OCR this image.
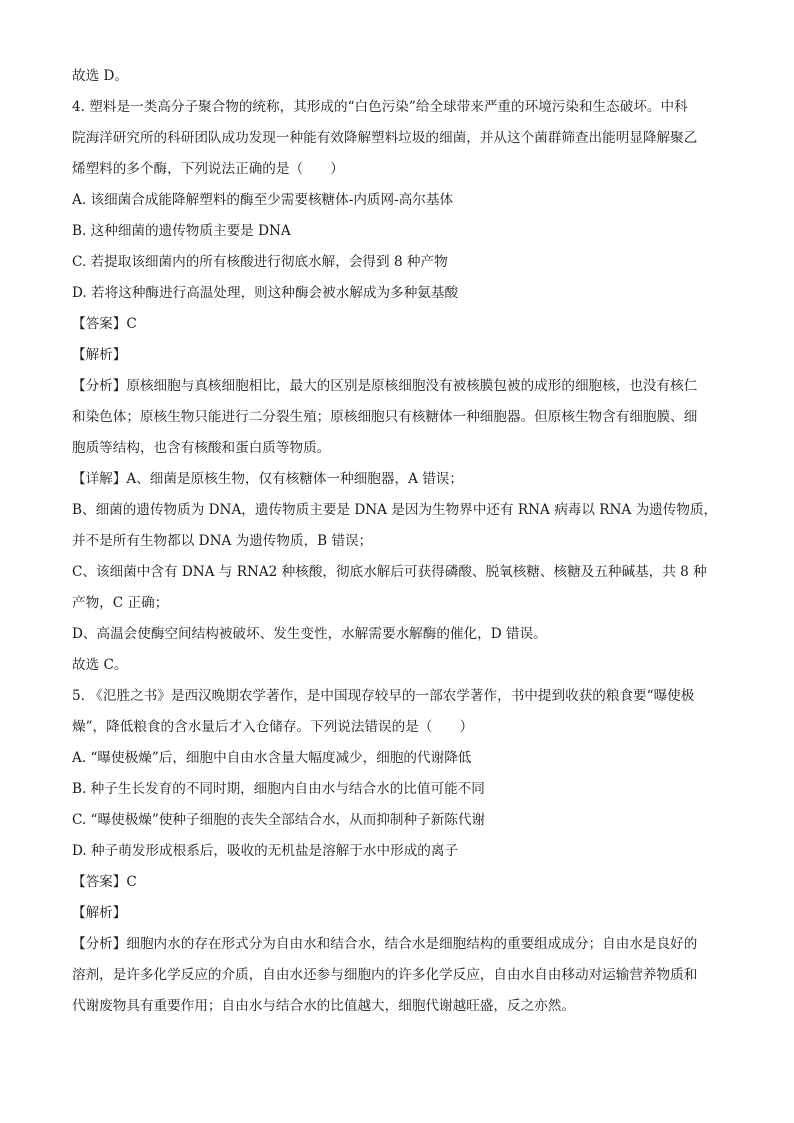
故选 D。
4. 塑料是一类高分子聚合物的统称，其形成的“白色污染”给全球带来严重的环境污染和生态破坏。中科
院海洋研究所的科研团队成功发现一种能有效降解塑料垃圾的细菌，并从这个菌群筛查出能明显降解聚乙
烯塑料的多个酶，下列说法正确的是（　　）
A. 该细菌合成能降解塑料的酶至少需要核糖体-内质网-高尔基体
B. 这种细菌的遗传物质主要是 DNA
C. 若提取该细菌内的所有核酸进行彻底水解，会得到 8 种产物
D. 若将这种酶进行高温处理，则这种酶会被水解成为多种氨基酸
【答案】C
【解析】
【分析】原核细胞与真核细胞相比，最大的区别是原核细胞没有被核膜包被的成形的细胞核，也没有核仁
和染色体；原核生物只能进行二分裂生殖；原核细胞只有核糖体一种细胞器。但原核生物含有细胞膜、细
胞质等结构，也含有核酸和蛋白质等物质。
【详解】A、细菌是原核生物，仅有核糖体一种细胞器，A 错误；
B、细菌的遗传物质为 DNA，遗传物质主要是 DNA 是因为生物界中还有 RNA 病毒以 RNA 为遗传物质，
并不是所有生物都以 DNA 为遗传物质，B 错误；
C、该细菌中含有 DNA 与 RNA2 种核酸，彻底水解后可获得磷酸、脱氧核糖、核糖及五种碱基，共 8 种
产物，C 正确；
D、高温会使酶空间结构被破坏、发生变性，水解需要水解酶的催化，D 错误。
故选 C。
5. 《氾胜之书》是西汉晚期农学著作，是中国现存较早的一部农学著作，书中提到收获的粮食要“曝使极
燥”，降低粮食的含水量后才入仓储存。下列说法错误的是（　　）
A. “曝使极燥”后，细胞中自由水含量大幅度减少，细胞的代谢降低
B. 种子生长发育的不同时期，细胞内自由水与结合水的比值可能不同
C. “曝使极燥”使种子细胞的丧失全部结合水，从而抑制种子新陈代谢
D. 种子萌发形成根系后，吸收的无机盐是溶解于水中形成的离子
【答案】C
【解析】
【分析】细胞内水的存在形式分为自由水和结合水，结合水是细胞结构的重要组成成分；自由水是良好的
溶剂，是许多化学反应的介质，自由水还参与细胞内的许多化学反应，自由水自由移动对运输营养物质和
代谢废物具有重要作用；自由水与结合水的比值越大，细胞代谢越旺盛，反之亦然。
